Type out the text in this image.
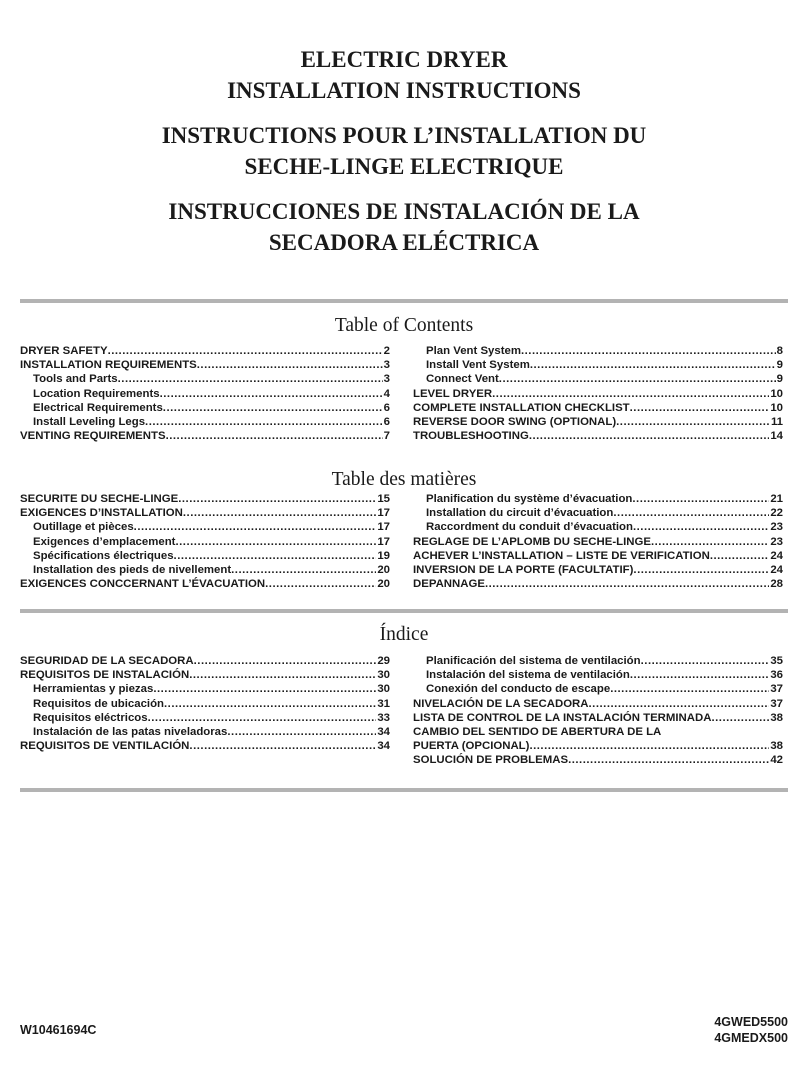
ELECTRIC DRYER
INSTALLATION INSTRUCTIONS
INSTRUCTIONS POUR L’INSTALLATION DU
SECHE-LINGE ELECTRIQUE
INSTRUCCIONES DE INSTALACIÓN DE LA
SECADORA ELÉCTRICA
Table of Contents
DRYER SAFETY .....	2
INSTALLATION REQUIREMENTS .....	3
Tools and Parts .....	3
Location Requirements .....	4
Electrical Requirements .....	6
Install Leveling Legs .....	6
VENTING REQUIREMENTS .....	7
Plan Vent System .....	8
Install Vent System .....	9
Connect Vent .....	9
LEVEL DRYER .....	10
COMPLETE INSTALLATION CHECKLIST .....	10
REVERSE DOOR SWING (OPTIONAL) .....	11
TROUBLESHOOTING .....	14
Table des matières
SECURITE DU SECHE-LINGE .....	15
EXIGENCES D’INSTALLATION .....	17
Outillage et pièces .....	17
Exigences d’emplacement .....	17
Spécifications électriques .....	19
Installation des pieds de nivellement .....	20
EXIGENCES CONCCERNANT L’ÉVACUATION .....	20
Planification du système d’évacuation .....	21
Installation du circuit d’évacuation .....	22
Raccordment du conduit d’évacuation .....	23
REGLAGE DE L’APLOMB DU SECHE-LINGE .....	23
ACHEVER L’INSTALLATION – LISTE DE VERIFICATION .....	24
INVERSION DE LA PORTE (FACULTATIF) .....	24
DEPANNAGE .....	28
Índice
SEGURIDAD DE LA SECADORA .....	29
REQUISITOS DE INSTALACIÓN .....	30
Herramientas y piezas .....	30
Requisitos de ubicación .....	31
Requisitos eléctricos .....	33
Instalación de las patas niveladoras .....	34
REQUISITOS DE VENTILACIÓN .....	34
Planificación del sistema de ventilación .....	35
Instalación del sistema de ventilación .....	36
Conexión del conducto de escape .....	37
NIVELACIÓN DE LA SECADORA .....	37
LISTA DE CONTROL DE LA INSTALACIÓN TERMINADA .....	38
CAMBIO DEL SENTIDO DE ABERTURA DE LA
PUERTA (OPCIONAL) .....	38
SOLUCIÓN DE PROBLEMAS .....	42
W10461694C
4GWED5500
4GMEDX500
